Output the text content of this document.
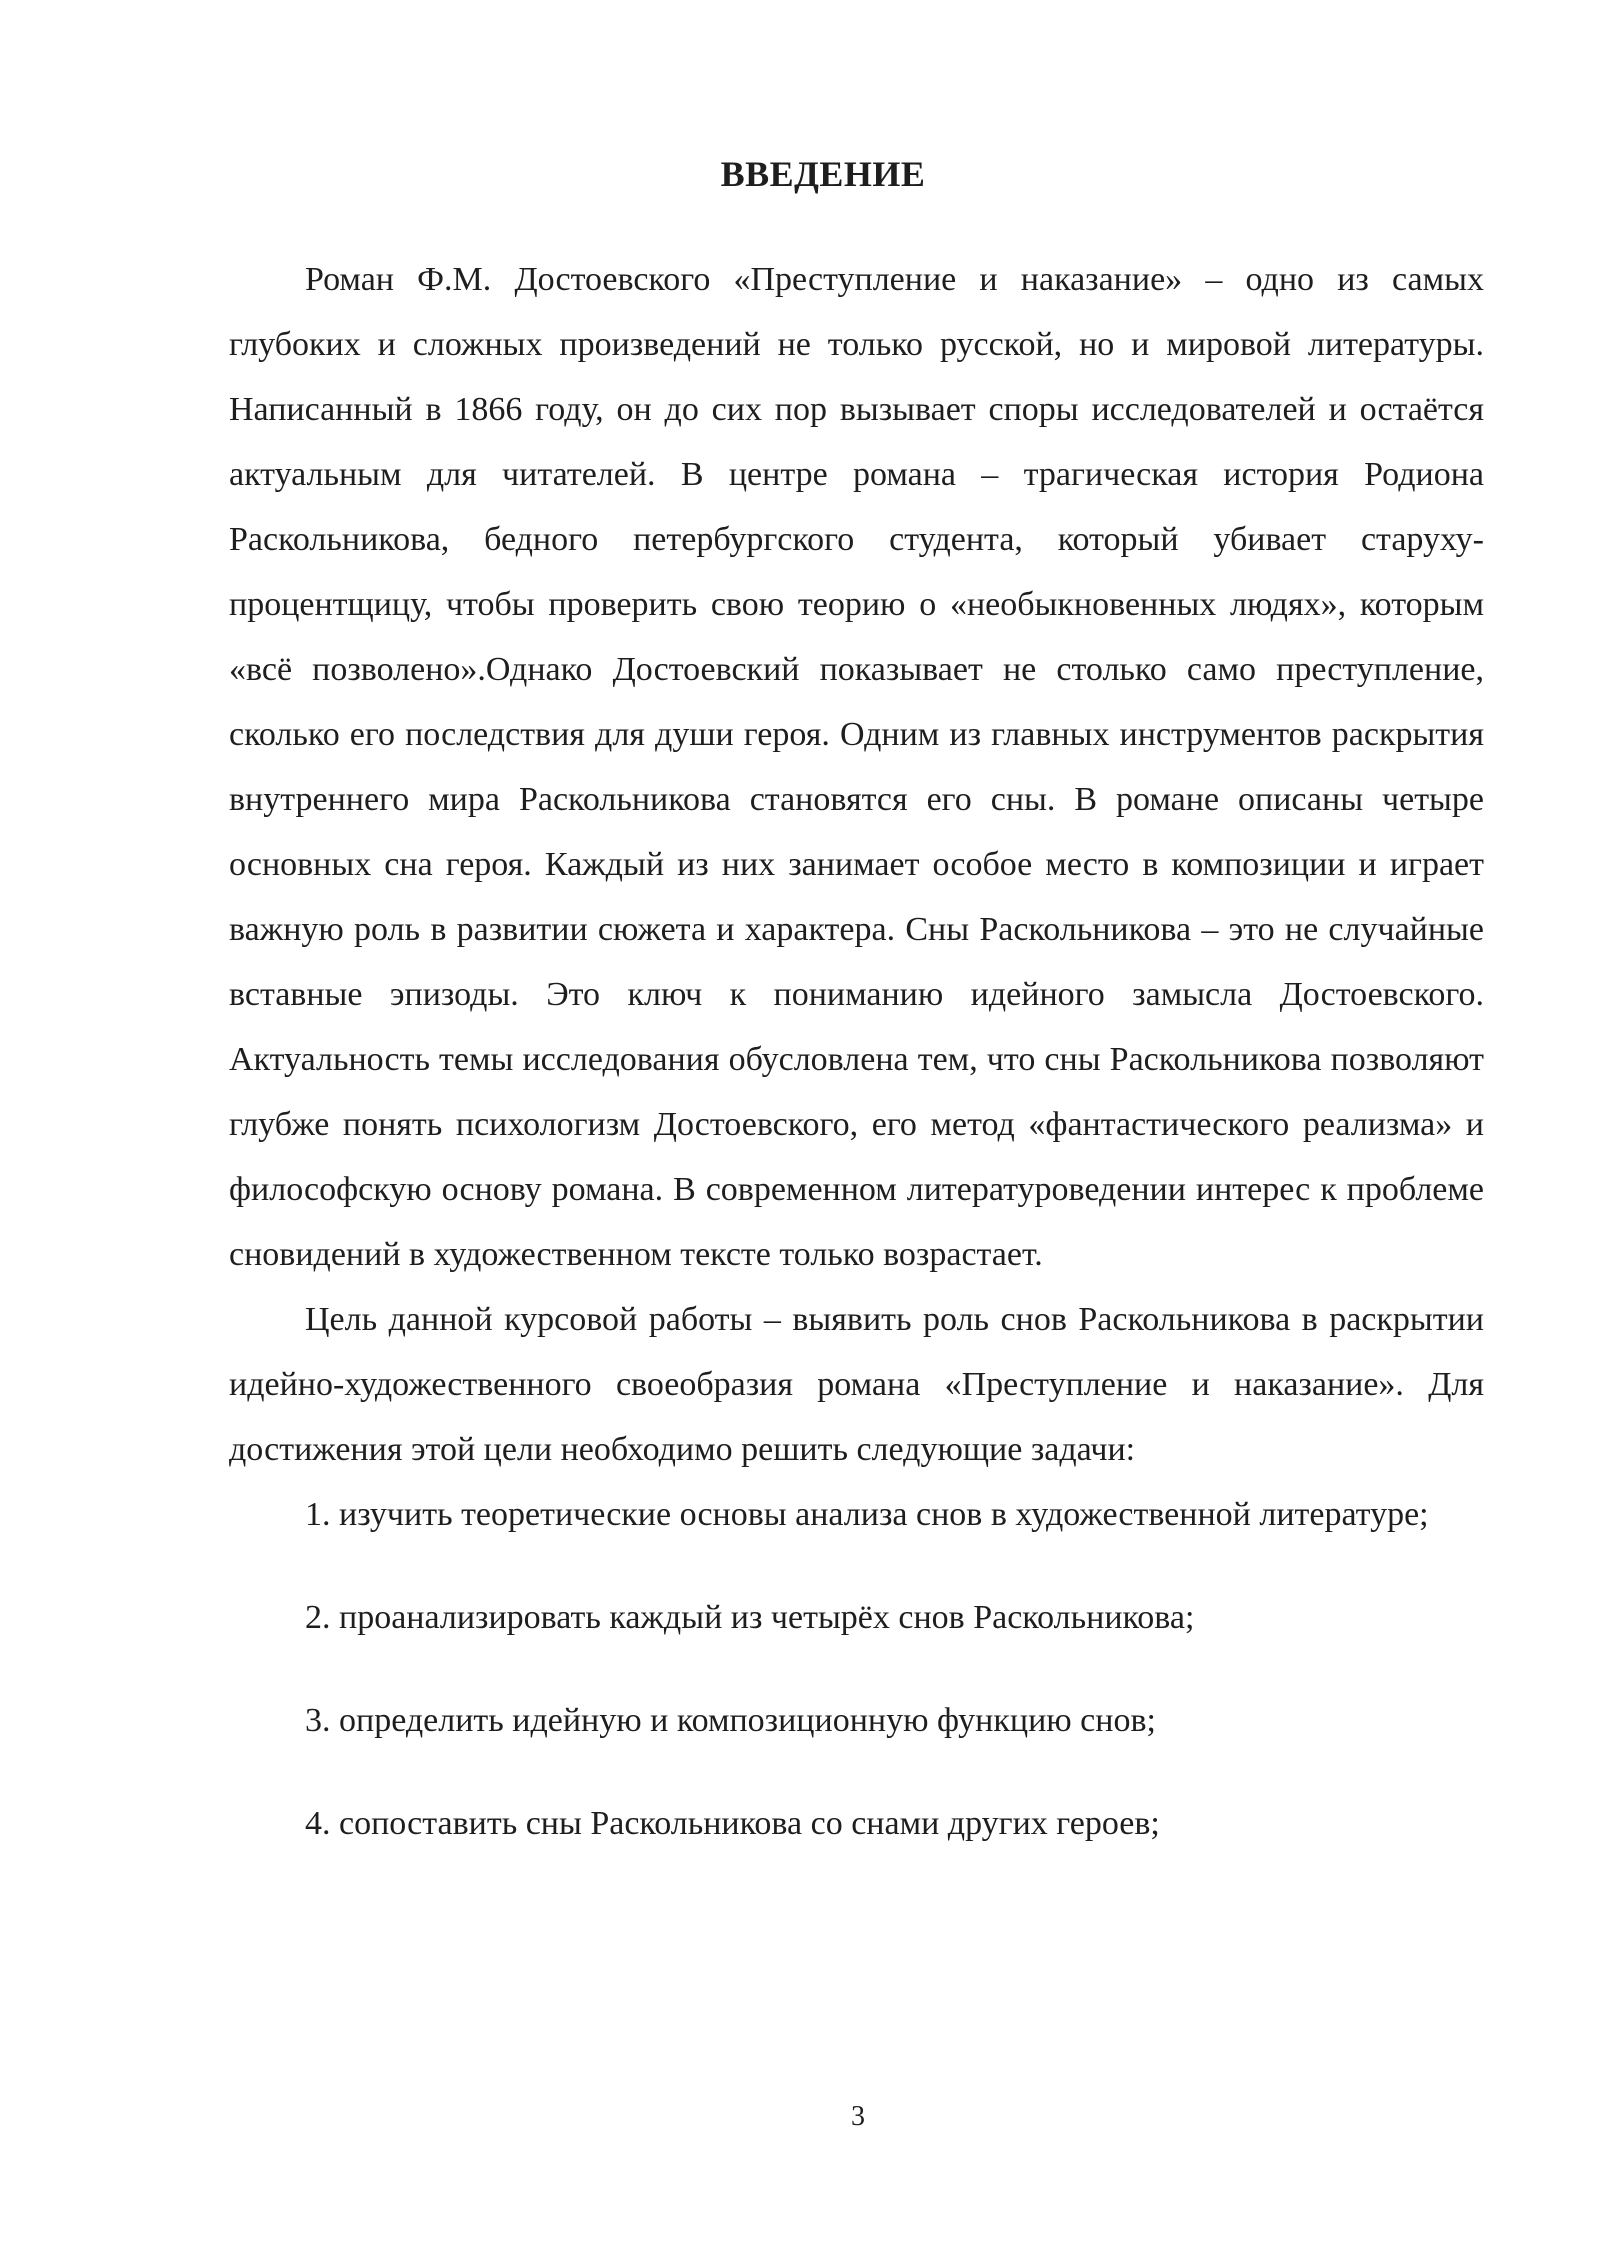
ВВЕДЕНИЕ

Роман Ф.М. Достоевского «Преступление и наказание» – одно из самых глубоких и сложных произведений не только русской, но и мировой литературы. Написанный в 1866 году, он до сих пор вызывает споры исследователей и остаётся актуальным для читателей. В центре романа – трагическая история Родиона Раскольникова, бедного петербургского студента, который убивает старуху-процентщицу, чтобы проверить свою теорию о «необыкновенных людях», которым «всё позволено».Однако Достоевский показывает не столько само преступление, сколько его последствия для души героя. Одним из главных инструментов раскрытия внутреннего мира Раскольникова становятся его сны. В романе описаны четыре основных сна героя. Каждый из них занимает особое место в композиции и играет важную роль в развитии сюжета и характера. Сны Раскольникова – это не случайные вставные эпизоды. Это ключ к пониманию идейного замысла Достоевского. Актуальность темы исследования обусловлена тем, что сны Раскольникова позволяют глубже понять психологизм Достоевского, его метод «фантастического реализма» и философскую основу романа. В современном литературоведении интерес к проблеме сновидений в художественном тексте только возрастает.

Цель данной курсовой работы – выявить роль снов Раскольникова в раскрытии идейно-художественного своеобразия романа «Преступление и наказание». Для достижения этой цели необходимо решить следующие задачи:

1. изучить теоретические основы анализа снов в художественной литературе;

2. проанализировать каждый из четырёх снов Раскольникова;

3. определить идейную и композиционную функцию снов;

4. сопоставить сны Раскольникова со снами других героев;

3
